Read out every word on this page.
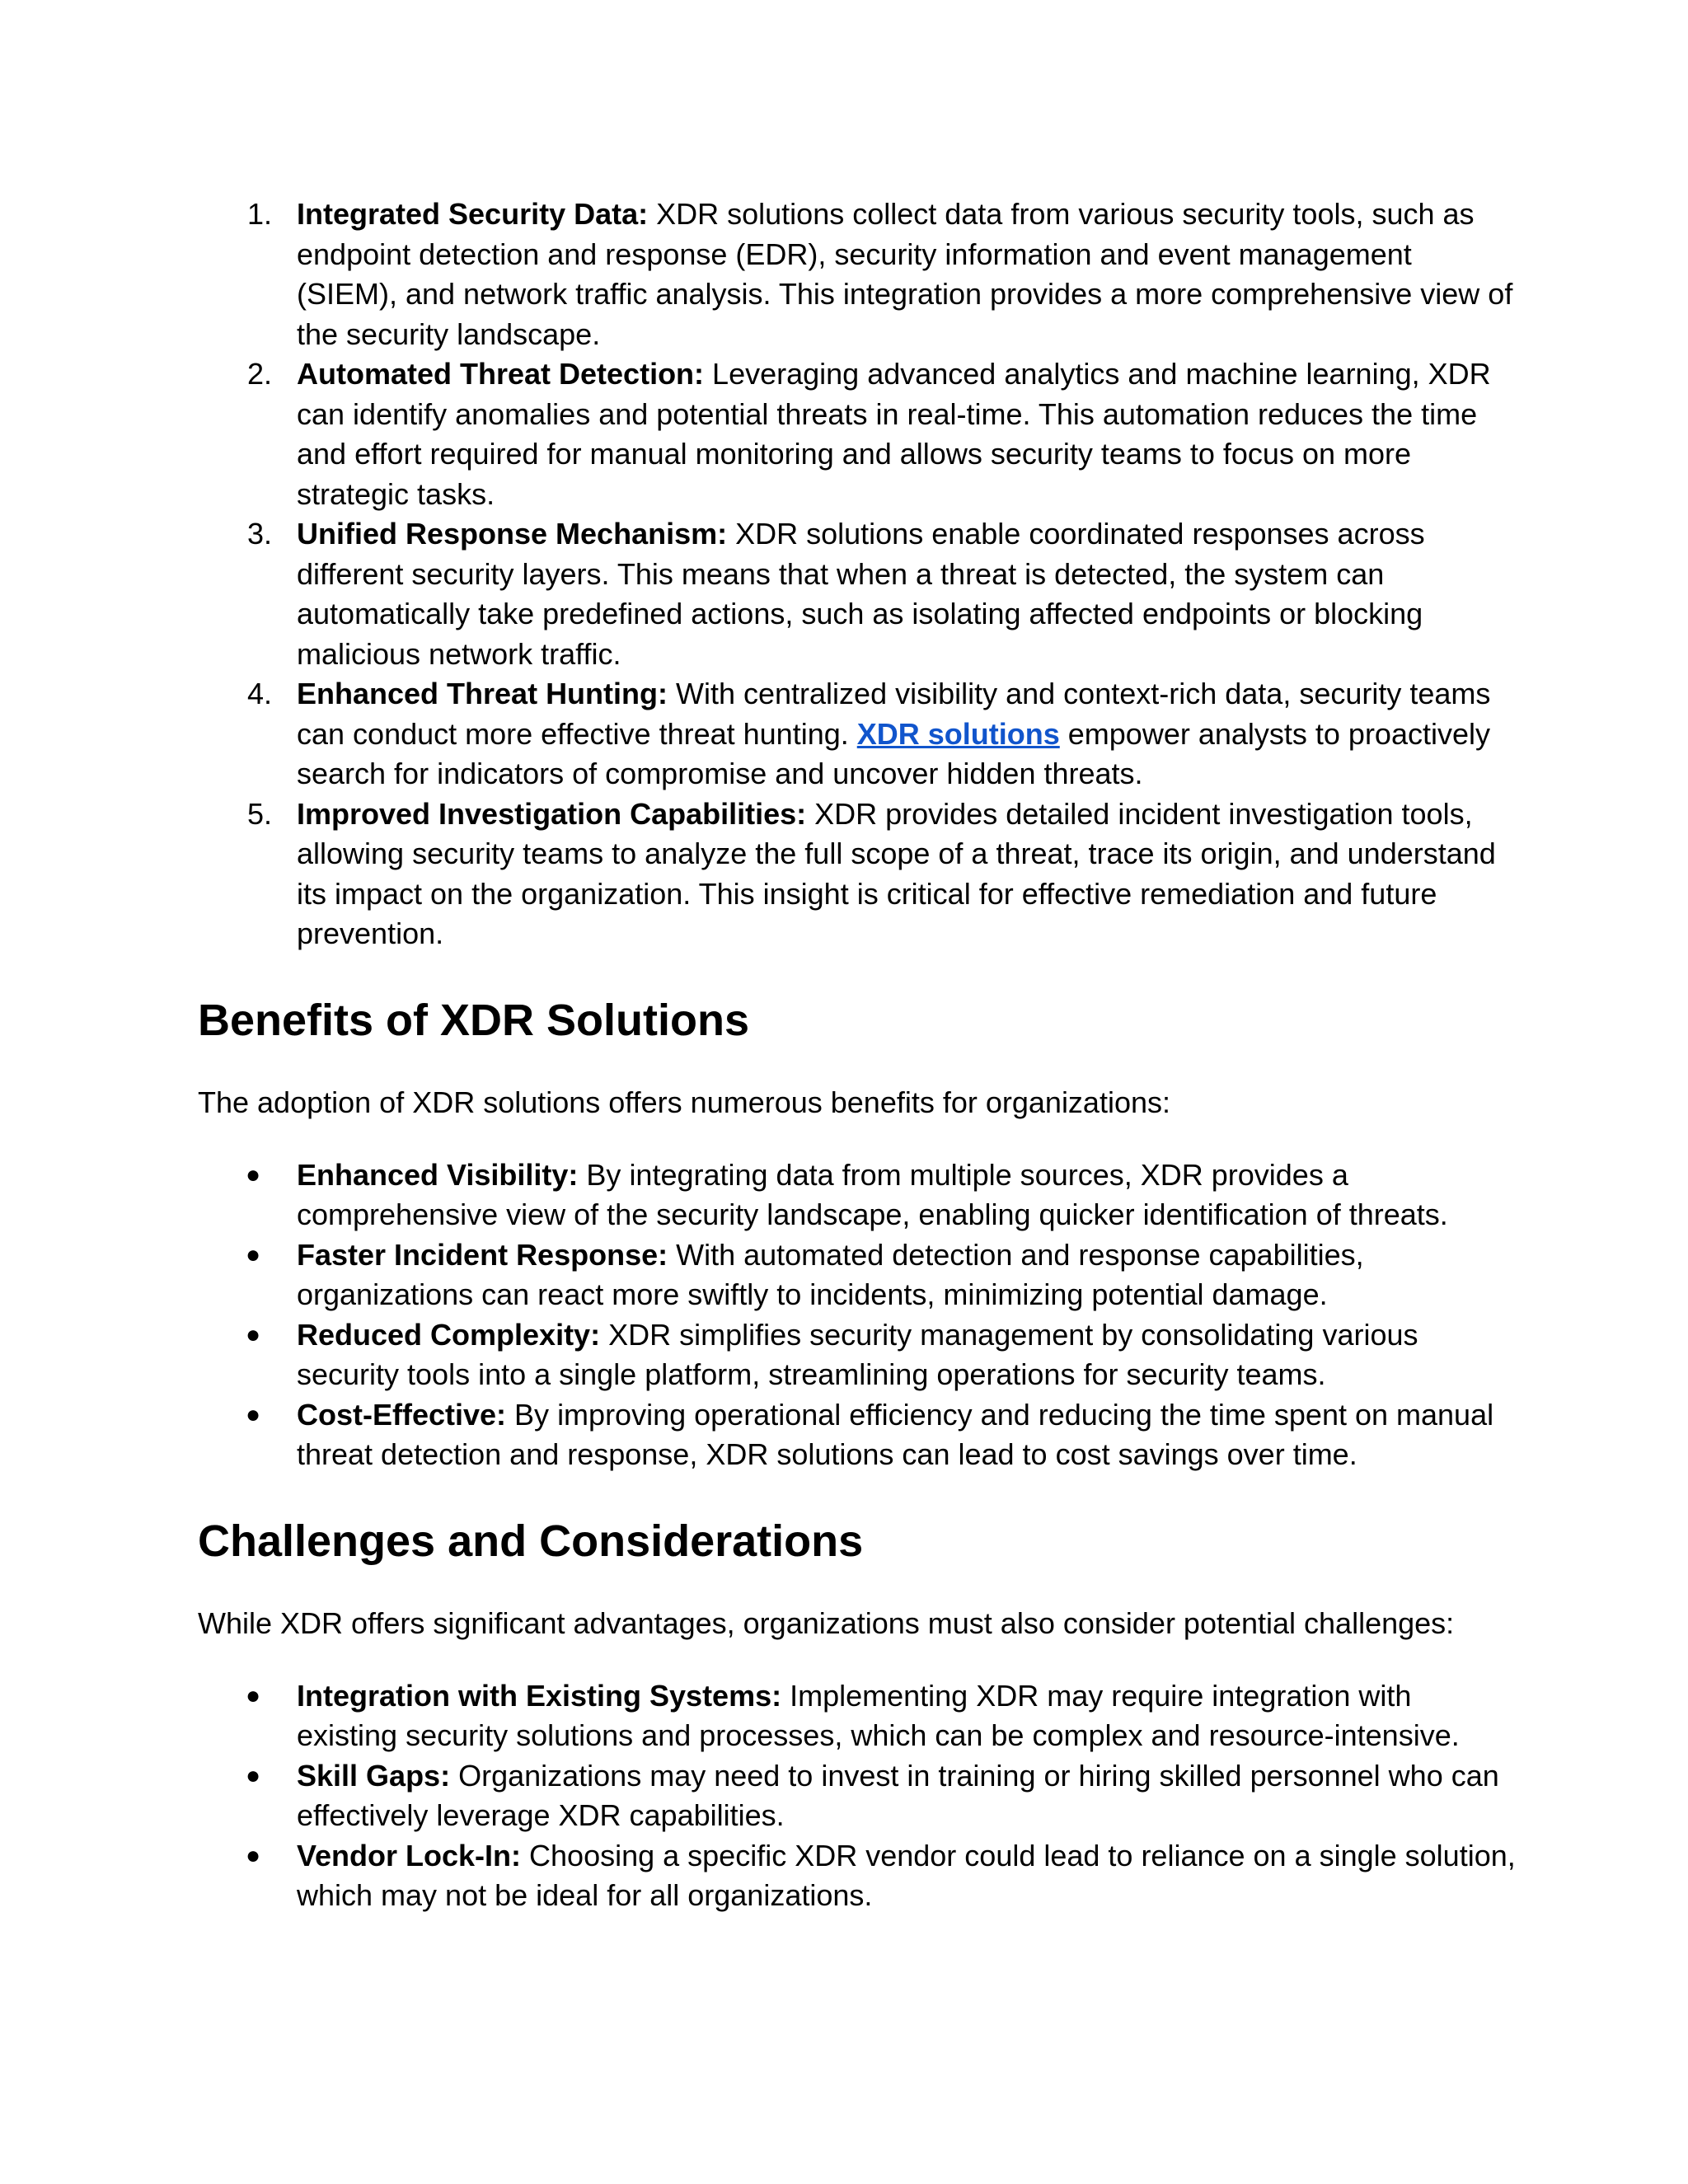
1. Integrated Security Data: XDR solutions collect data from various security tools, such as endpoint detection and response (EDR), security information and event management (SIEM), and network traffic analysis. This integration provides a more comprehensive view of the security landscape.
2. Automated Threat Detection: Leveraging advanced analytics and machine learning, XDR can identify anomalies and potential threats in real-time. This automation reduces the time and effort required for manual monitoring and allows security teams to focus on more strategic tasks.
3. Unified Response Mechanism: XDR solutions enable coordinated responses across different security layers. This means that when a threat is detected, the system can automatically take predefined actions, such as isolating affected endpoints or blocking malicious network traffic.
4. Enhanced Threat Hunting: With centralized visibility and context-rich data, security teams can conduct more effective threat hunting. XDR solutions empower analysts to proactively search for indicators of compromise and uncover hidden threats.
5. Improved Investigation Capabilities: XDR provides detailed incident investigation tools, allowing security teams to analyze the full scope of a threat, trace its origin, and understand its impact on the organization. This insight is critical for effective remediation and future prevention.
Benefits of XDR Solutions

The adoption of XDR solutions offers numerous benefits for organizations:

● Enhanced Visibility: By integrating data from multiple sources, XDR provides a comprehensive view of the security landscape, enabling quicker identification of threats.
● Faster Incident Response: With automated detection and response capabilities, organizations can react more swiftly to incidents, minimizing potential damage.
● Reduced Complexity: XDR simplifies security management by consolidating various security tools into a single platform, streamlining operations for security teams.
● Cost-Effective: By improving operational efficiency and reducing the time spent on manual threat detection and response, XDR solutions can lead to cost savings over time.
Challenges and Considerations

While XDR offers significant advantages, organizations must also consider potential challenges:

● Integration with Existing Systems: Implementing XDR may require integration with existing security solutions and processes, which can be complex and resource-intensive.
● Skill Gaps: Organizations may need to invest in training or hiring skilled personnel who can effectively leverage XDR capabilities.
● Vendor Lock-In: Choosing a specific XDR vendor could lead to reliance on a single solution, which may not be ideal for all organizations.
